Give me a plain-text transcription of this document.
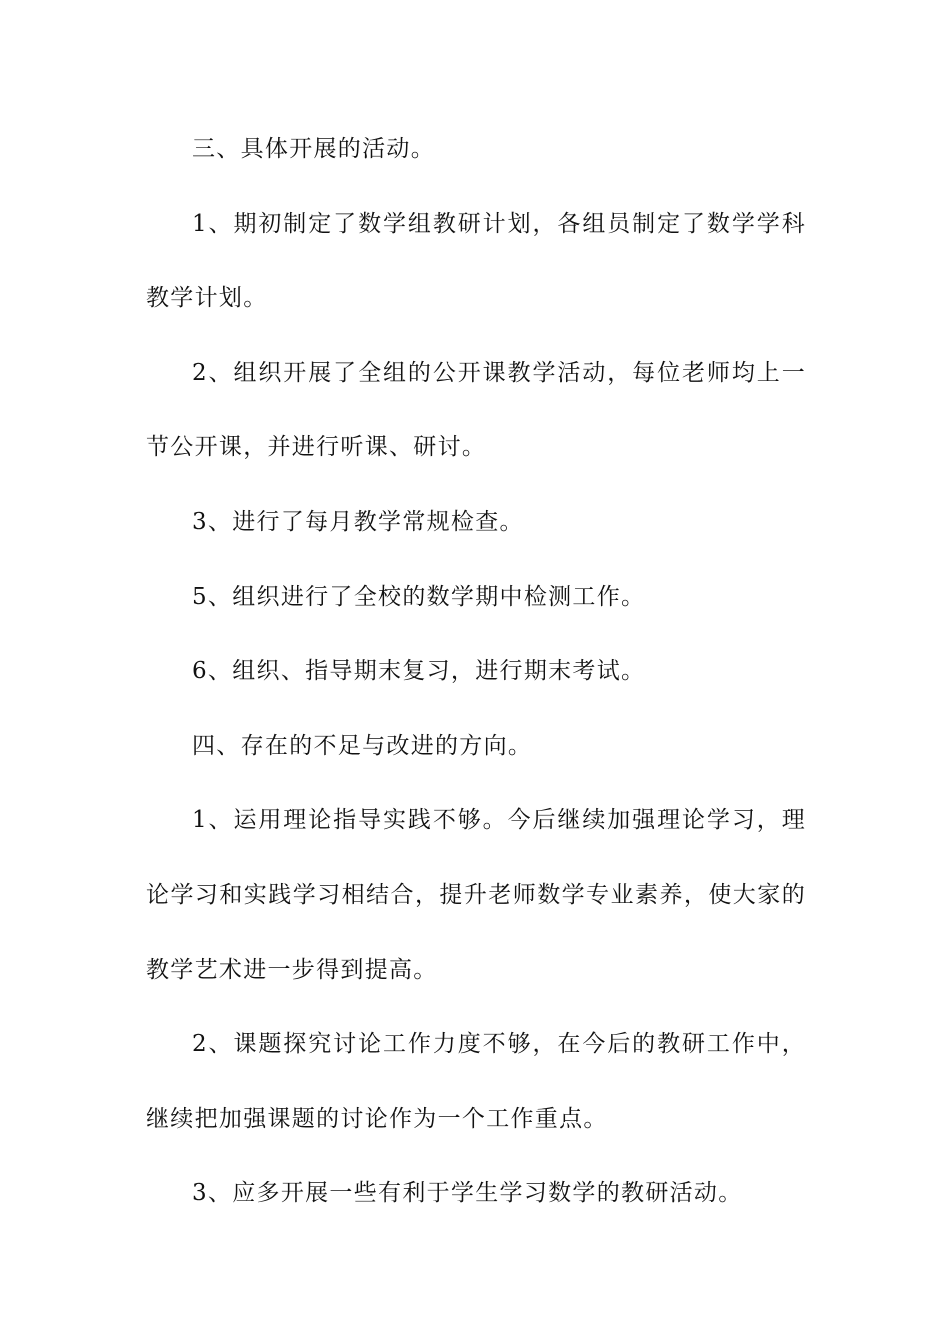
三、具体开展的活动。

1、期初制定了数学组教研计划，各组员制定了数学学科教学计划。

2、组织开展了全组的公开课教学活动，每位老师均上一节公开课，并进行听课、研讨。

3、进行了每月教学常规检查。

5、组织进行了全校的数学期中检测工作。

6、组织、指导期末复习，进行期末考试。

四、存在的不足与改进的方向。

1、运用理论指导实践不够。今后继续加强理论学习，理论学习和实践学习相结合，提升老师数学专业素养，使大家的教学艺术进一步得到提高。

2、课题探究讨论工作力度不够，在今后的教研工作中，继续把加强课题的讨论作为一个工作重点。

3、应多开展一些有利于学生学习数学的教研活动。
